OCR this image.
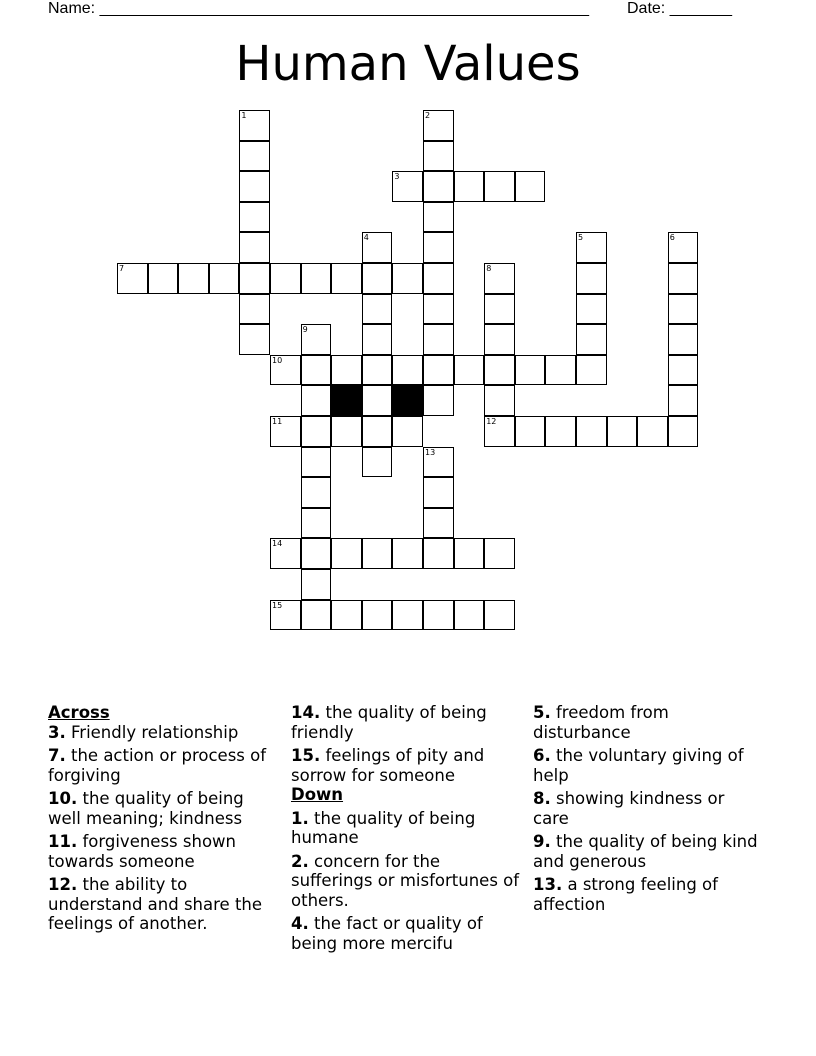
Name: _______________________________________________________ Date: _______
Human Values
1	2
3
4	5	6
7	8
12
9
10
11
13
14
15
Across
3. Friendly relationship
7. the action or process of forgiving
10. the quality of being well meaning; kindness
11. forgiveness shown towards someone
12. the ability to understand and share the feelings of another.
14. the quality of being friendly
15. feelings of pity and sorrow for someone
Down
1. the quality of being humane
2. concern for the sufferings or misfortunes of others.
4. the fact or quality of being more mercifu
5. freedom from disturbance
6. the voluntary giving of help
8. showing kindness or care
9. the quality of being kind and generous
13. a strong feeling of affection
